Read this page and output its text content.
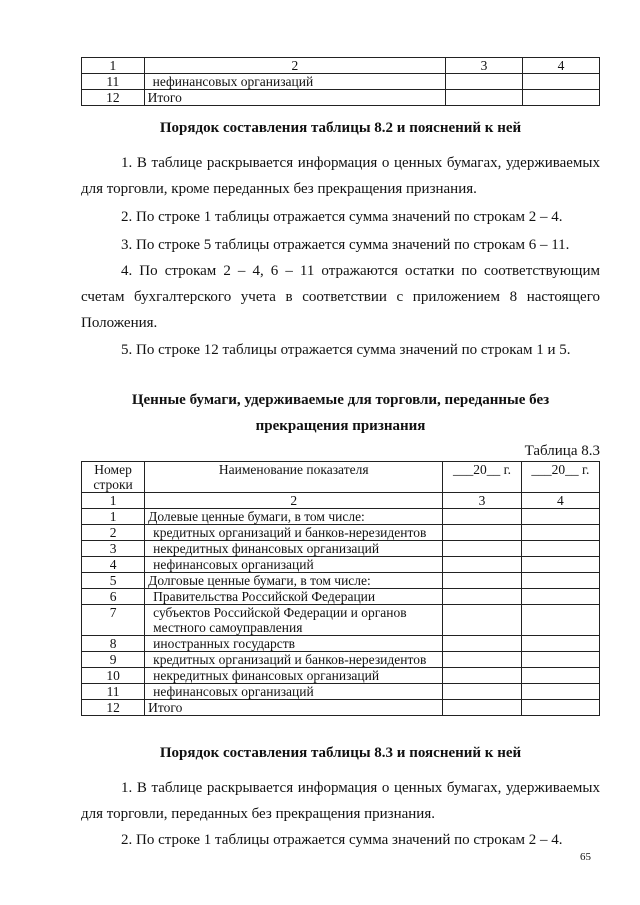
1	2	3	4
11	нефинансовых организаций		
12	Итого		
Порядок составления таблицы 8.2 и пояснений к ней
1. В таблице раскрывается информация о ценных бумагах, удерживаемых для торговли, кроме переданных без прекращения признания.
2. По строке 1 таблицы отражается сумма значений по строкам 2 – 4.
3. По строке 5 таблицы отражается сумма значений по строкам 6 – 11.
4. По строкам 2 – 4, 6 – 11 отражаются остатки по соответствующим счетам бухгалтерского учета в соответствии с приложением 8 настоящего Положения.
5. По строке 12 таблицы отражается сумма значений по строкам 1 и 5.
Ценные бумаги, удерживаемые для торговли, переданные без
прекращения признания
Таблица 8.3
Номер строки	Наименование показателя	___20__ г.	___20__ г.
1	2	3	4
1	Долевые ценные бумаги, в том числе:		
2	кредитных организаций и банков-нерезидентов		
3	некредитных финансовых организаций		
4	нефинансовых организаций		
5	Долговые ценные бумаги, в том числе:		
6	Правительства Российской Федерации		
7	субъектов Российской Федерации и органов местного самоуправления		
8	иностранных государств		
9	кредитных организаций и банков-нерезидентов		
10	некредитных финансовых организаций		
11	нефинансовых организаций		
12	Итого		
Порядок составления таблицы 8.3 и пояснений к ней
1. В таблице раскрывается информация о ценных бумагах, удерживаемых для торговли, переданных без прекращения признания.
2. По строке 1 таблицы отражается сумма значений по строкам 2 – 4.
65
